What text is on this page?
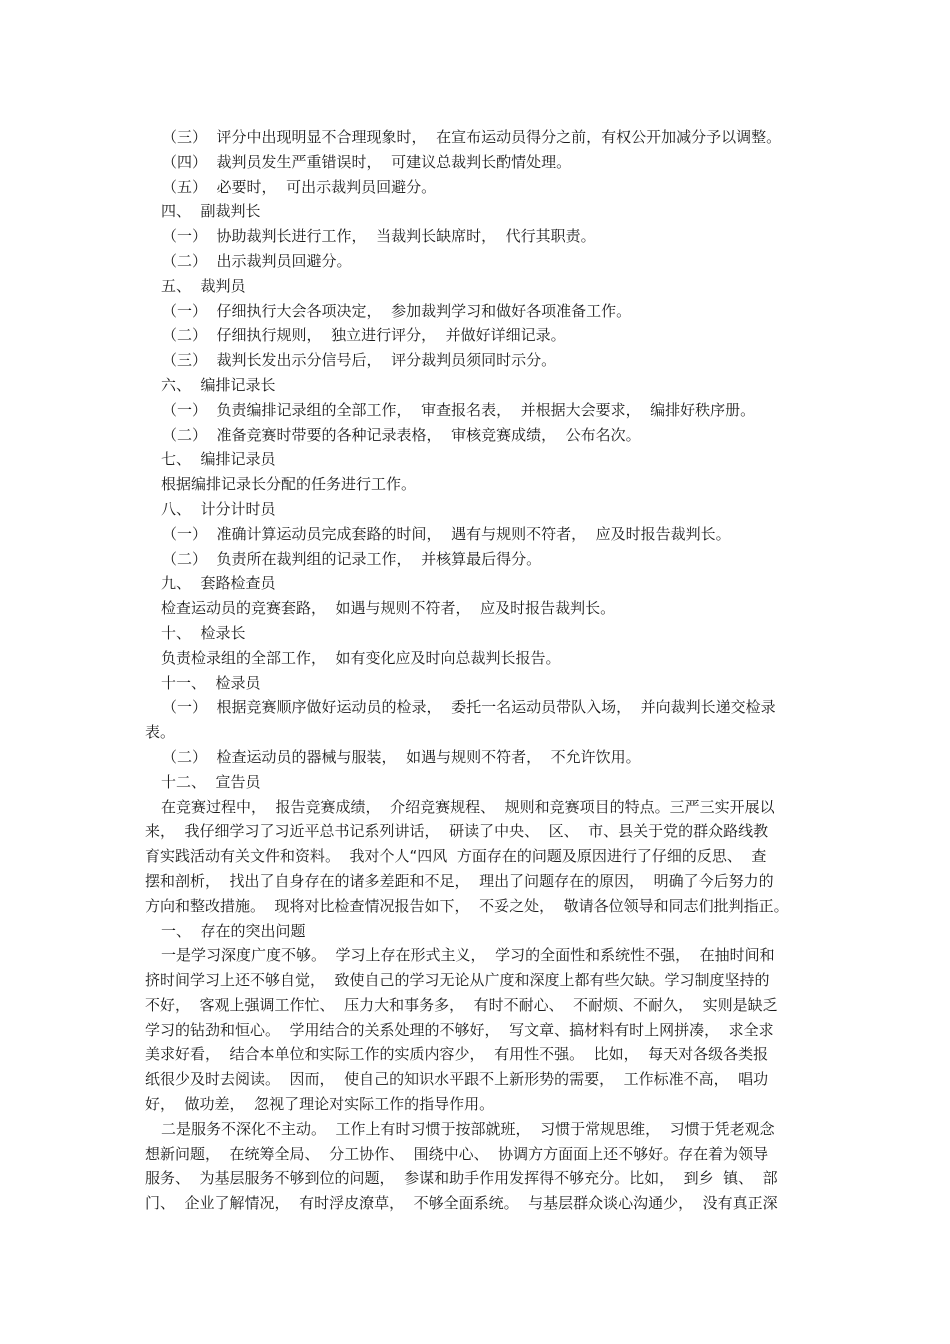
（三）  评分中出现明显不合理现象时，  在宣布运动员得分之前，有权公开加减分予以调整。
（四）  裁判员发生严重错误时，  可建议总裁判长酌情处理。
（五）  必要时，  可出示裁判员回避分。
四、  副裁判长
（一）  协助裁判长进行工作，  当裁判长缺席时，  代行其职责。
（二）  出示裁判员回避分。
五、  裁判员
（一）  仔细执行大会各项决定，  参加裁判学习和做好各项准备工作。
（二）  仔细执行规则，  独立进行评分，  并做好详细记录。
（三）  裁判长发出示分信号后，  评分裁判员须同时示分。
六、  编排记录长
（一）  负责编排记录组的全部工作，  审查报名表，  并根据大会要求，  编排好秩序册。
（二）  准备竞赛时带要的各种记录表格，  审核竞赛成绩，  公布名次。
七、  编排记录员
根据编排记录长分配的任务进行工作。
八、  计分计时员
（一）  准确计算运动员完成套路的时间，  遇有与规则不符者，  应及时报告裁判长。
（二）  负责所在裁判组的记录工作，  并核算最后得分。
九、  套路检查员
检查运动员的竞赛套路，  如遇与规则不符者，  应及时报告裁判长。
十、  检录长
负责检录组的全部工作，  如有变化应及时向总裁判长报告。
十一、  检录员
（一）  根据竞赛顺序做好运动员的检录，  委托一名运动员带队入场，  并向裁判长递交检录
表。
（二）  检查运动员的器械与服装，  如遇与规则不符者，  不允许饮用。
十二、  宣告员
在竞赛过程中，  报告竞赛成绩，  介绍竞赛规程、  规则和竞赛项目的特点。三严三实开展以
来，  我仔细学习了习近平总书记系列讲话，  研读了中央、  区、  市、县关于党的群众路线教
育实践活动有关文件和资料。  我对个人“四风  方面存在的问题及原因进行了仔细的反思、  查
摆和剖析，  找出了自身存在的诸多差距和不足，  理出了问题存在的原因，  明确了今后努力的
方向和整改措施。  现将对比检查情况报告如下，  不妥之处，  敬请各位领导和同志们批判指正。
一、  存在的突出问题
一是学习深度广度不够。  学习上存在形式主义，  学习的全面性和系统性不强，  在抽时间和
挤时间学习上还不够自觉，  致使自己的学习无论从广度和深度上都有些欠缺。学习制度坚持的
不好，  客观上强调工作忙、  压力大和事务多，  有时不耐心、  不耐烦、不耐久，  实则是缺乏
学习的钻劲和恒心。  学用结合的关系处理的不够好，  写文章、搞材料有时上网拼凑，  求全求
美求好看，  结合本单位和实际工作的实质内容少，  有用性不强。  比如，  每天对各级各类报
纸很少及时去阅读。  因而，  使自己的知识水平跟不上新形势的需要，  工作标准不高，  唱功
好，  做功差，  忽视了理论对实际工作的指导作用。
二是服务不深化不主动。  工作上有时习惯于按部就班，  习惯于常规思维，  习惯于凭老观念
想新问题，  在统筹全局、  分工协作、  围绕中心、  协调方方面面上还不够好。存在着为领导
服务、  为基层服务不够到位的问题，  参谋和助手作用发挥得不够充分。比如，  到乡  镇、  部
门、  企业了解情况，  有时浮皮潦草，  不够全面系统。  与基层群众谈心沟通少，  没有真正深
